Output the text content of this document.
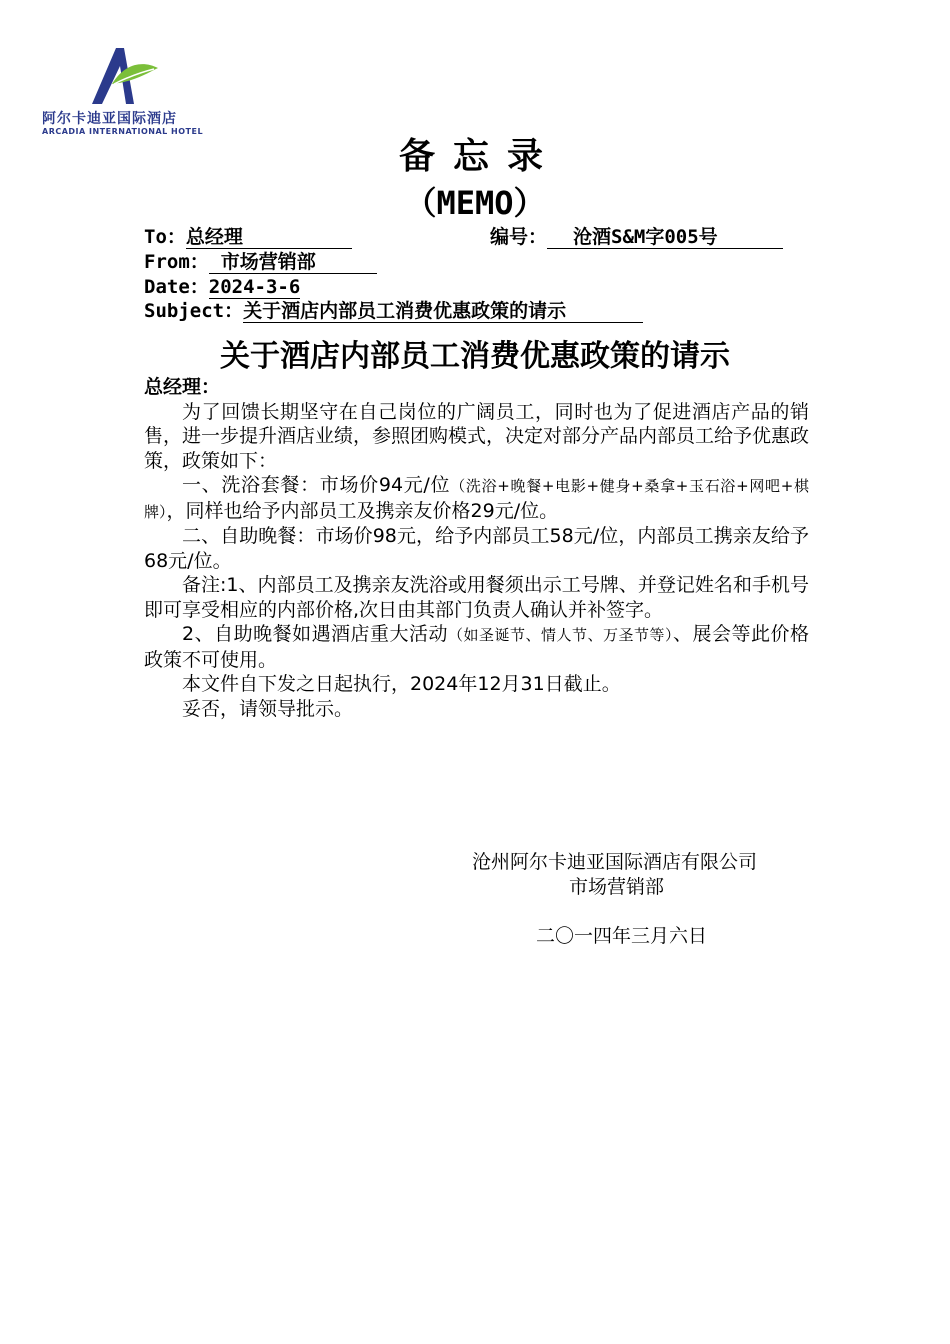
阿尔卡迪亚国际酒店
ARCADIA INTERNATIONAL HOTEL
备忘录
（MEMO）
To：总经理	编号： 沧酒S&M字005号
From： 市场营销部
Date：2024-3-6
Subject：关于酒店内部员工消费优惠政策的请示
关于酒店内部员工消费优惠政策的请示

总经理：

为了回馈长期坚守在自己岗位的广阔员工，同时也为了促进酒店产品的销售，进一步提升酒店业绩，参照团购模式，决定对部分产品内部员工给予优惠政策，政策如下：

一、洗浴套餐：市场价94元/位（洗浴+晚餐+电影+健身+桑拿+玉石浴+网吧+棋牌），同样也给予内部员工及携亲友价格29元/位。

二、自助晚餐：市场价98元，给予内部员工58元/位，内部员工携亲友给予68元/位。

备注:1、内部员工及携亲友洗浴或用餐须出示工号牌、并登记姓名和手机号即可享受相应的内部价格,次日由其部门负责人确认并补签字。

2、自助晚餐如遇酒店重大活动（如圣诞节、情人节、万圣节等）、展会等此价格政策不可使用。

本文件自下发之日起执行，2024年12月31日截止。

妥否，请领导批示。

沧州阿尔卡迪亚国际酒店有限公司
市场营销部
二〇一四年三月六日
